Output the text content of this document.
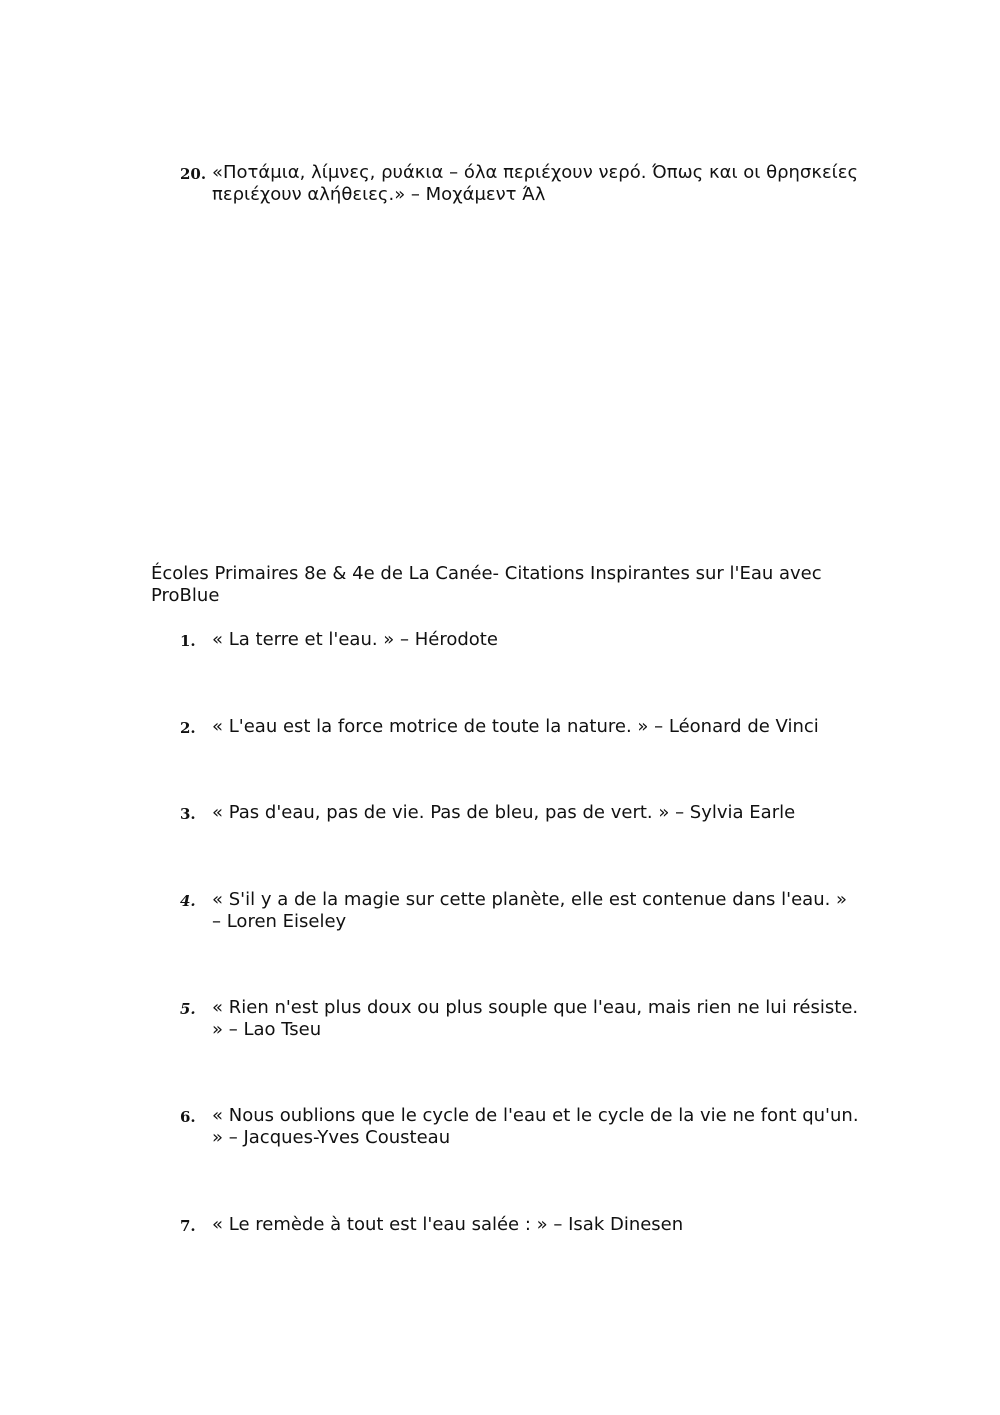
20. «Ποτάμια, λίμνες, ρυάκια – όλα περιέχουν νερό. Όπως και οι θρησκείες περιέχουν αλήθειες.» – Μοχάμεντ Άλ
Écoles Primaires 8e & 4e de La Canée- Citations Inspirantes sur l'Eau avec ProBlue
1. « La terre et l'eau. » – Hérodote
2. « L'eau est la force motrice de toute la nature. » – Léonard de Vinci
3. « Pas d'eau, pas de vie. Pas de bleu, pas de vert. » – Sylvia Earle
4. « S'il y a de la magie sur cette planète, elle est contenue dans l'eau. » – Loren Eiseley
5. « Rien n'est plus doux ou plus souple que l'eau, mais rien ne lui résiste. » – Lao Tseu
6. « Nous oublions que le cycle de l'eau et le cycle de la vie ne font qu'un. » – Jacques-Yves Cousteau
7. « Le remède à tout est l'eau salée : » – Isak Dinesen
